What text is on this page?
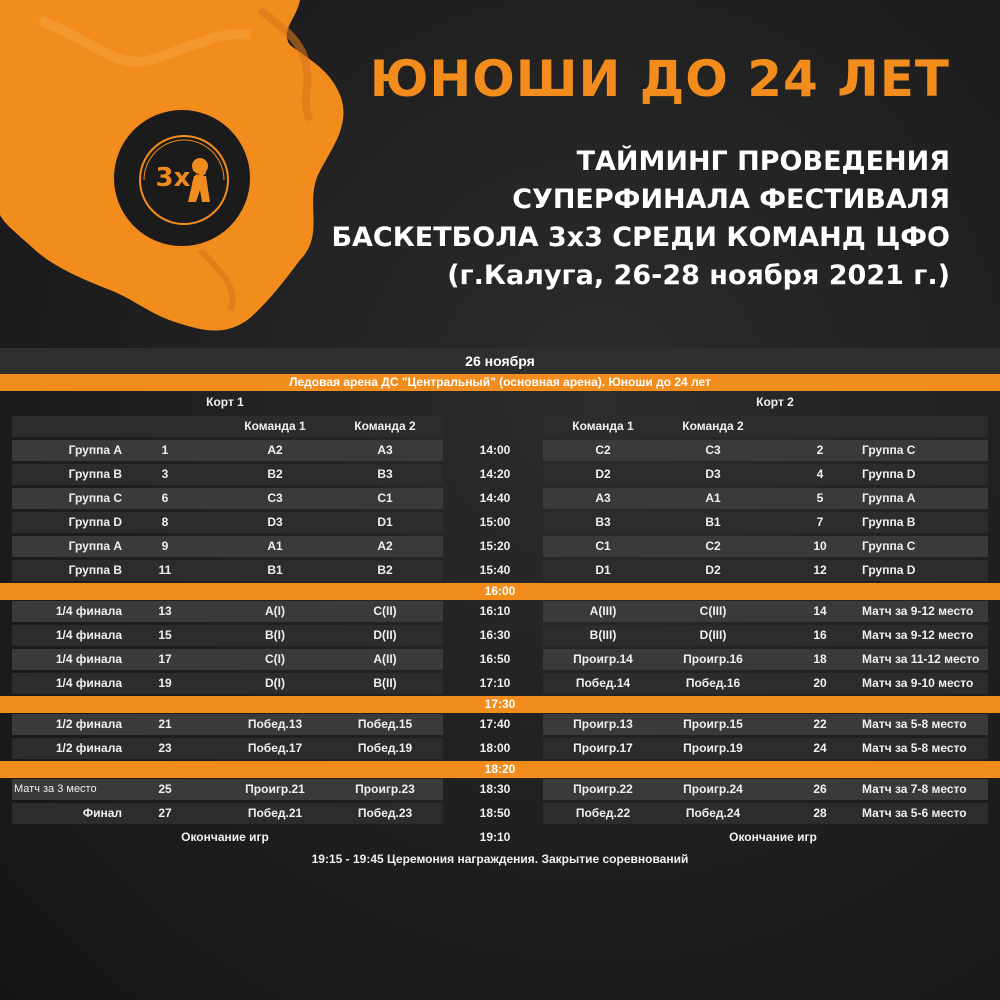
3x3
ЮНОШИ ДО 24 ЛЕТ
ТАЙМИНГ ПРОВЕДЕНИЯ
СУПЕРФИНАЛА ФЕСТИВАЛЯ
БАСКЕТБОЛА 3х3 СРЕДИ КОМАНД ЦФО
(г.Калуга, 26-28 ноября 2021 г.)
26 ноября
Ледовая арена ДС "Центральный" (основная арена). Юноши до 24 лет
Корт 1	Корт 2
Команда 1	Команда 2	Команда 1	Команда 2
Группа А	1	А2	А3	14:00	С2	С3	2	Группа С
Группа В	3	В2	В3	14:20	D2	D3	4	Группа D
Группа С	6	С3	С1	14:40	А3	А1	5	Группа А
Группа D	8	D3	D1	15:00	В3	В1	7	Группа В
Группа А	9	А1	А2	15:20	С1	С2	10	Группа С
Группа В	11	В1	В2	15:40	D1	D2	12	Группа D
16:00
1/4 финала	13	A(I)	C(II)	16:10	A(III)	C(III)	14	Матч за 9-12 место
1/4 финала	15	B(I)	D(II)	16:30	B(III)	D(III)	16	Матч за 9-12 место
1/4 финала	17	C(I)	A(II)	16:50	Проигр.14	Проигр.16	18	Матч за 11-12 место
1/4 финала	19	D(I)	B(II)	17:10	Побед.14	Побед.16	20	Матч за 9-10 место
17:30
1/2 финала	21	Побед.13	Побед.15	17:40	Проигр.13	Проигр.15	22	Матч за 5-8 место
1/2 финала	23	Побед.17	Побед.19	18:00	Проигр.17	Проигр.19	24	Матч за 5-8 место
18:20
Матч за 3 место	25	Проигр.21	Проигр.23	18:30	Проигр.22	Проигр.24	26	Матч за 7-8 место
Финал	27	Побед.21	Побед.23	18:50	Побед.22	Побед.24	28	Матч за 5-6 место
Окончание игр	19:10	Окончание игр
19:15 - 19:45 Церемония награждения. Закрытие соревнований
